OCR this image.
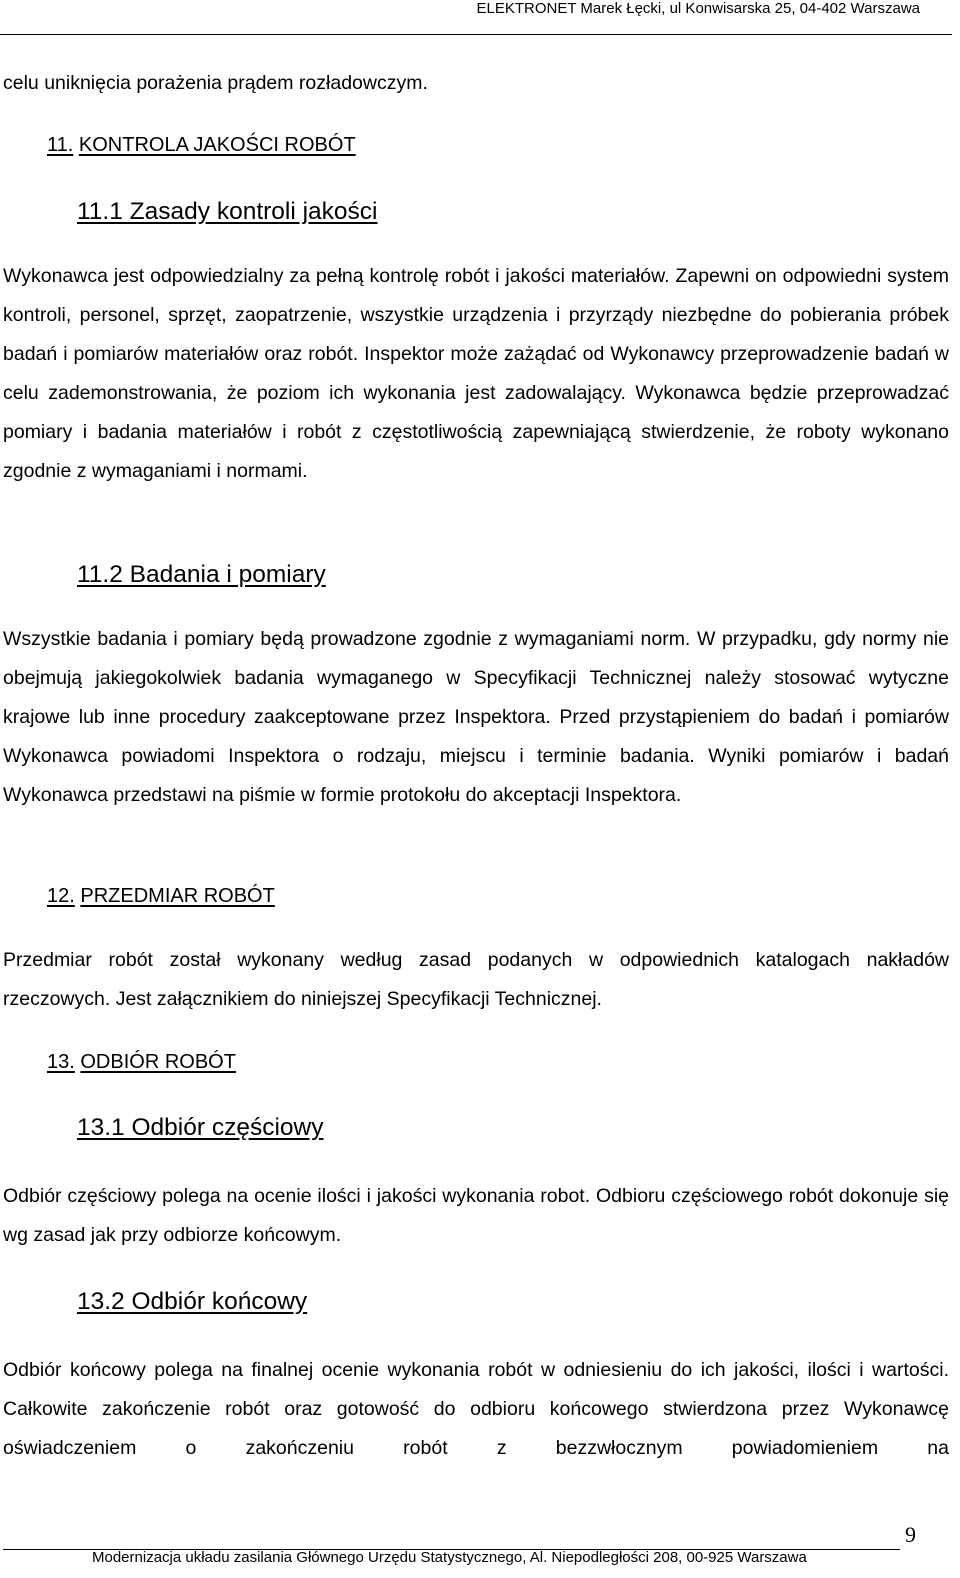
ELEKTRONET Marek Łęcki, ul Konwisarska 25, 04-402 Warszawa
celu uniknięcia porażenia prądem rozładowczym.
11. KONTROLA JAKOŚCI ROBÓT
11.1 Zasady kontroli jakości
Wykonawca jest odpowiedzialny za pełną kontrolę robót i jakości materiałów. Zapewni on odpowiedni system kontroli, personel, sprzęt, zaopatrzenie, wszystkie urządzenia i przyrządy niezbędne do pobierania próbek badań i pomiarów materiałów oraz robót. Inspektor może zażądać od Wykonawcy przeprowadzenie badań w celu zademonstrowania, że poziom ich wykonania jest zadowalający. Wykonawca będzie przeprowadzać pomiary i badania materiałów i robót z częstotliwością zapewniającą stwierdzenie, że roboty wykonano zgodnie z wymaganiami i normami.
11.2 Badania i pomiary
Wszystkie badania i pomiary będą prowadzone zgodnie z wymaganiami norm. W przypadku, gdy normy nie obejmują jakiegokolwiek badania wymaganego w Specyfikacji Technicznej należy stosować wytyczne krajowe lub inne procedury zaakceptowane przez Inspektora. Przed przystąpieniem do badań i pomiarów Wykonawca powiadomi Inspektora o rodzaju, miejscu i terminie badania. Wyniki pomiarów i badań Wykonawca przedstawi na piśmie w formie protokołu do akceptacji Inspektora.
12. PRZEDMIAR ROBÓT
Przedmiar robót został wykonany według zasad podanych w odpowiednich katalogach nakładów rzeczowych. Jest załącznikiem do niniejszej Specyfikacji Technicznej.
13. ODBIÓR ROBÓT
13.1 Odbiór częściowy
Odbiór częściowy polega na ocenie ilości i jakości wykonania robot. Odbioru częściowego robót dokonuje się wg zasad jak przy odbiorze końcowym.
13.2 Odbiór końcowy
Odbiór końcowy polega na finalnej ocenie wykonania robót w odniesieniu do ich jakości, ilości i wartości. Całkowite zakończenie robót oraz gotowość do odbioru końcowego stwierdzona przez Wykonawcę oświadczeniem o zakończeniu robót z bezzwłocznym powiadomieniem na
9
Modernizacja układu zasilania Głównego Urzędu Statystycznego, Al. Niepodległości 208, 00-925 Warszawa
